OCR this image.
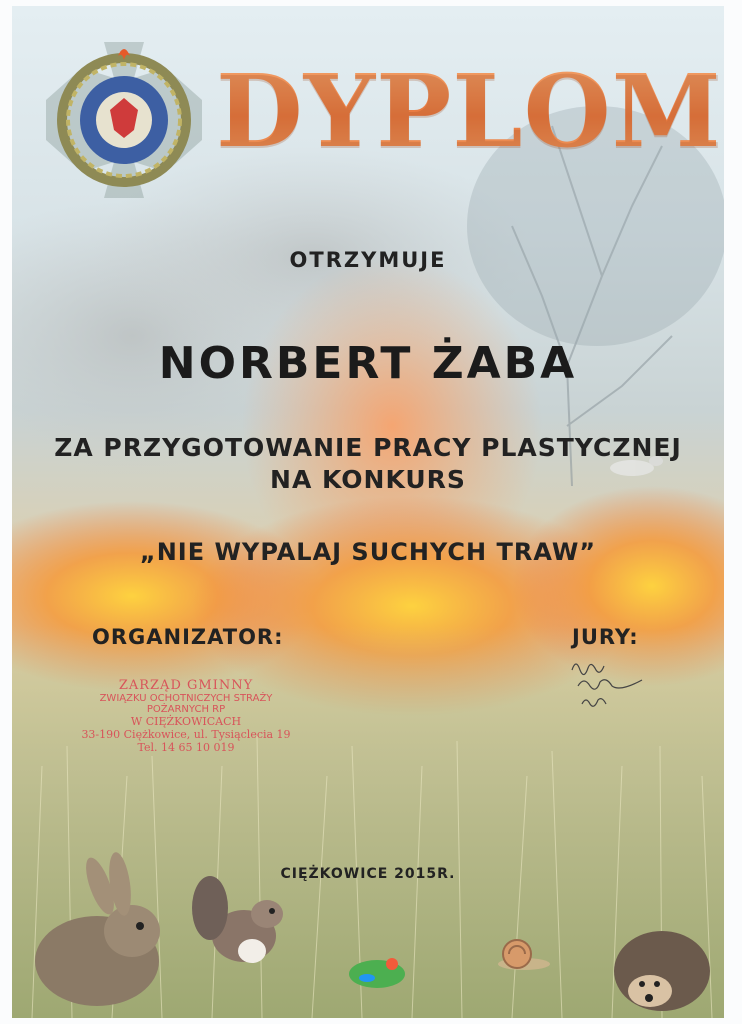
DYPLOM
OTRZYMUJE
NORBERT ŻABA
ZA PRZYGOTOWANIE PRACY PLASTYCZNEJ
NA KONKURS
„NIE WYPALAJ SUCHYCH TRAW”
ORGANIZATOR:	JURY:
ZARZĄD GMINNY
ZWIĄZKU OCHOTNICZYCH STRAŻY POŻARNYCH RP
W CIĘŻKOWICACH
33-190 Ciężkowice, ul. Tysiąclecia 19
Tel. 14 65 10 019
CIĘŻKOWICE 2015R.
